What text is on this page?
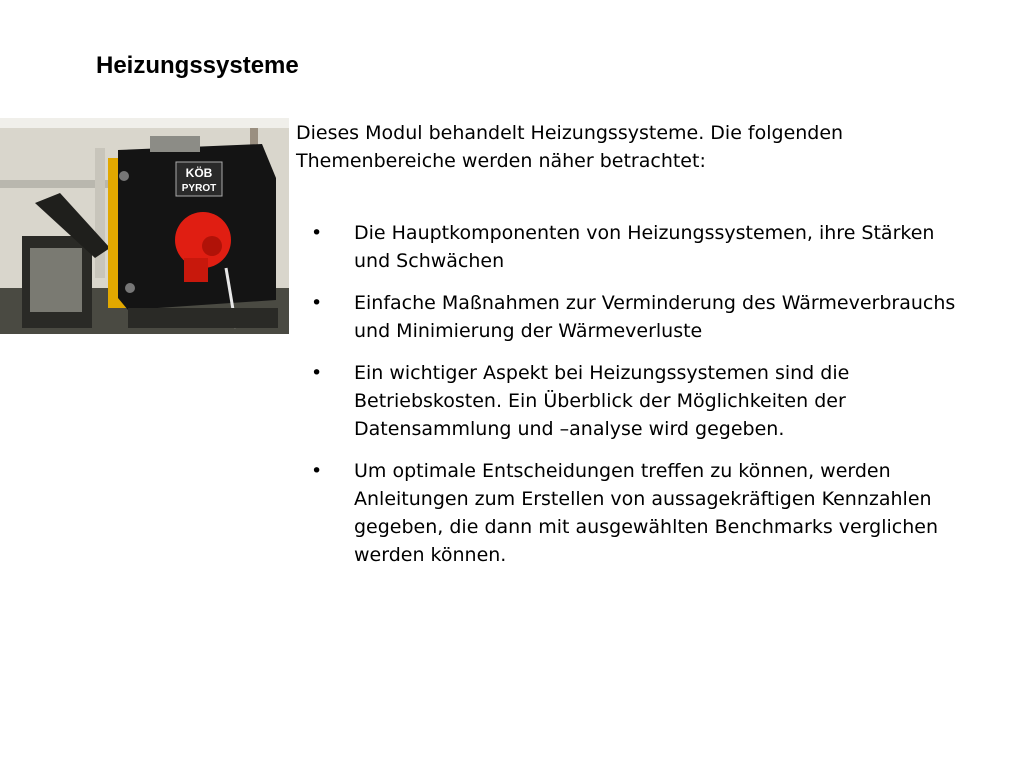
Heizungssysteme
KÖB
PYROT

Dieses Modul behandelt Heizungssysteme. Die folgenden Themenbereiche werden näher betrachtet:

• Die Hauptkomponenten von Heizungssystemen, ihre Stärken und Schwächen
• Einfache Maßnahmen zur Verminderung des Wärmeverbrauchs und Minimierung der Wärmeverluste
• Ein wichtiger Aspekt bei Heizungssystemen sind die Betriebskosten. Ein Überblick der Möglichkeiten der Datensammlung und –analyse wird gegeben.
• Um optimale Entscheidungen treffen zu können, werden Anleitungen zum Erstellen von aussagekräftigen Kennzahlen gegeben, die dann mit ausgewählten Benchmarks verglichen werden können.
